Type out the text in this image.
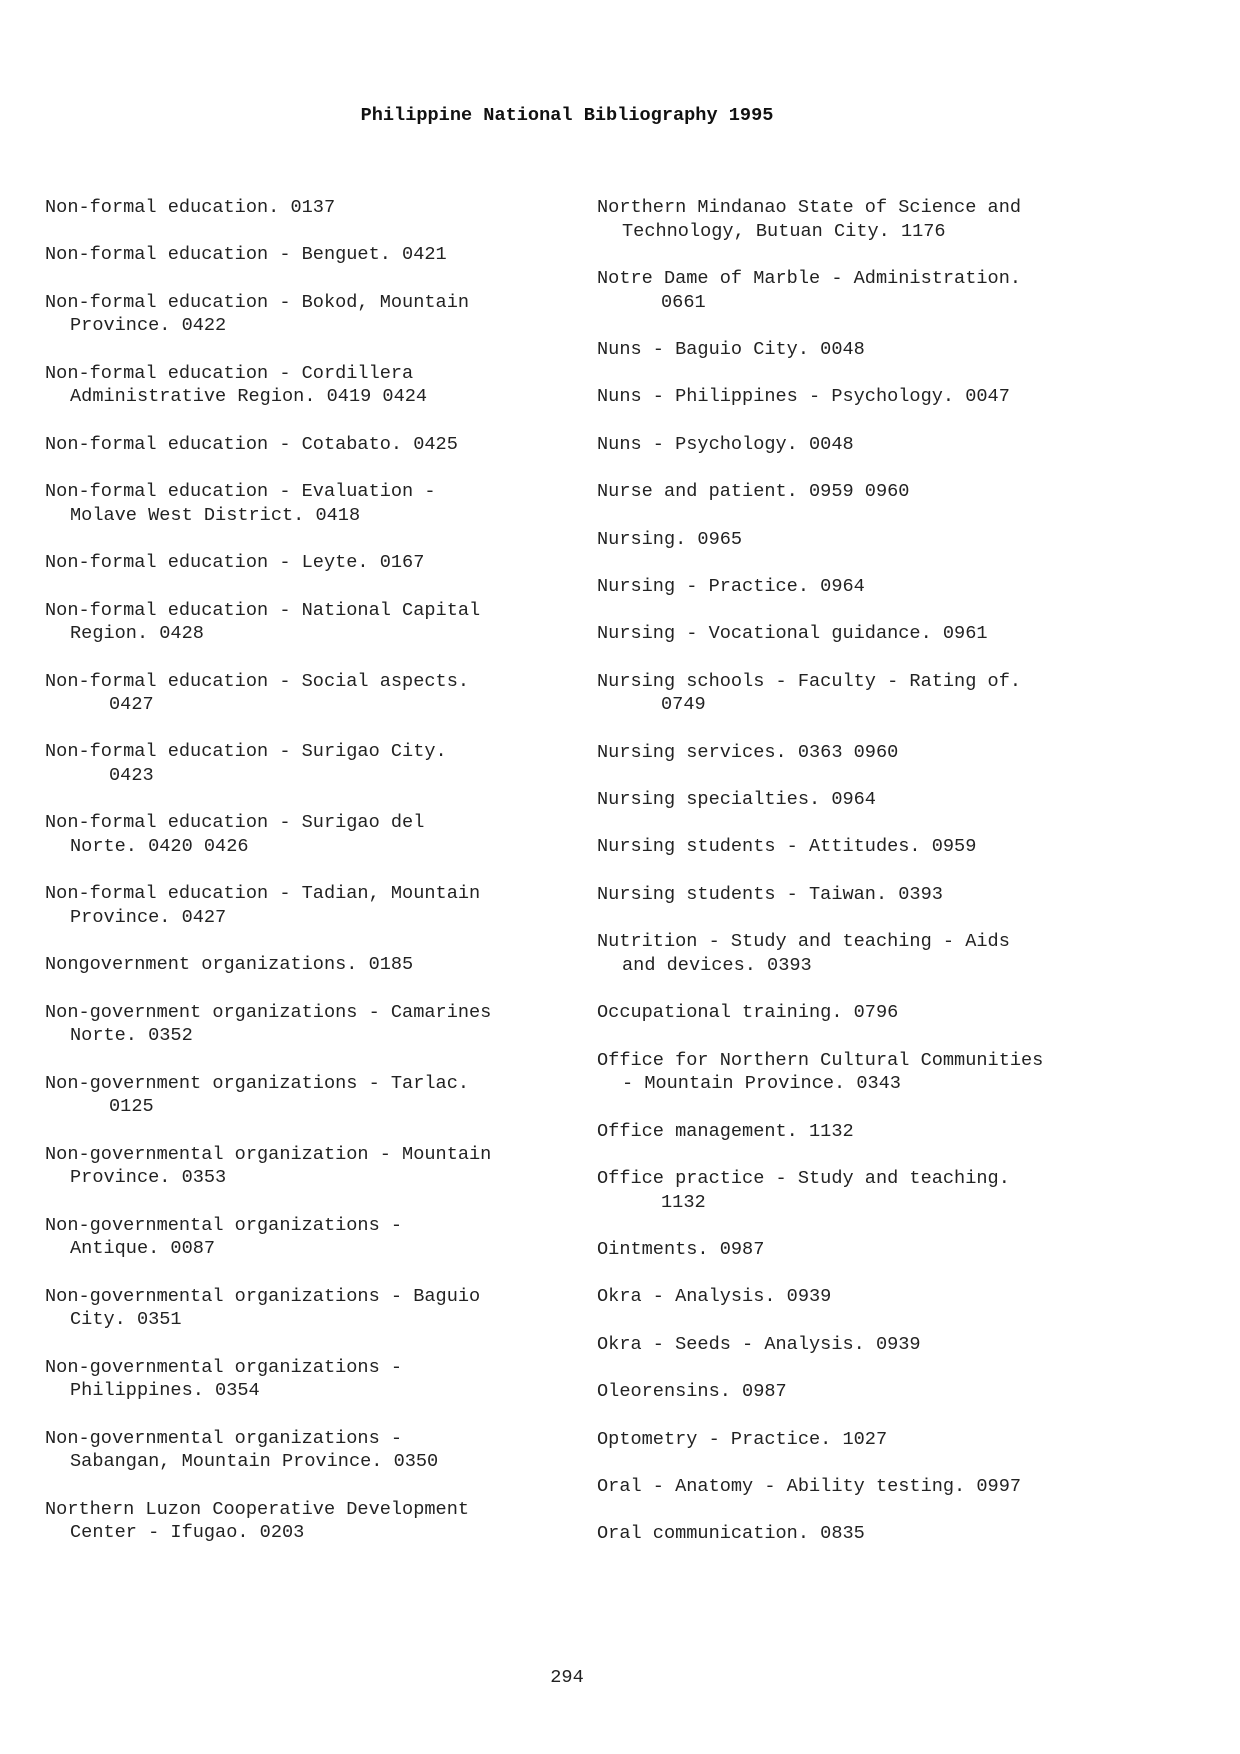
Philippine National Bibliography 1995
Non-formal education. 0137
Non-formal education - Benguet. 0421
Non-formal education - Bokod, Mountain
Province. 0422
Non-formal education - Cordillera
Administrative Region. 0419 0424
Non-formal education - Cotabato. 0425
Non-formal education - Evaluation -
Molave West District. 0418
Non-formal education - Leyte. 0167
Non-formal education - National Capital
Region. 0428
Non-formal education - Social aspects.
0427
Non-formal education - Surigao City.
0423
Non-formal education - Surigao del
Norte. 0420 0426
Non-formal education - Tadian, Mountain
Province. 0427
Nongovernment organizations. 0185
Non-government organizations - Camarines
Norte. 0352
Non-government organizations - Tarlac.
0125
Non-governmental organization - Mountain
Province. 0353
Non-governmental organizations -
Antique. 0087
Non-governmental organizations - Baguio
City. 0351
Non-governmental organizations -
Philippines. 0354
Non-governmental organizations -
Sabangan, Mountain Province. 0350
Northern Luzon Cooperative Development
Center - Ifugao. 0203
Northern Mindanao State of Science and
Technology, Butuan City. 1176
Notre Dame of Marble - Administration.
0661
Nuns - Baguio City. 0048
Nuns - Philippines - Psychology. 0047
Nuns - Psychology. 0048
Nurse and patient. 0959 0960
Nursing. 0965
Nursing - Practice. 0964
Nursing - Vocational guidance. 0961
Nursing schools - Faculty - Rating of.
0749
Nursing services. 0363 0960
Nursing specialties. 0964
Nursing students - Attitudes. 0959
Nursing students - Taiwan. 0393
Nutrition - Study and teaching - Aids
and devices. 0393
Occupational training. 0796
Office for Northern Cultural Communities
- Mountain Province. 0343
Office management. 1132
Office practice - Study and teaching.
1132
Ointments. 0987
Okra - Analysis. 0939
Okra - Seeds - Analysis. 0939
Oleorensins. 0987
Optometry - Practice. 1027
Oral - Anatomy - Ability testing. 0997
Oral communication. 0835
294
